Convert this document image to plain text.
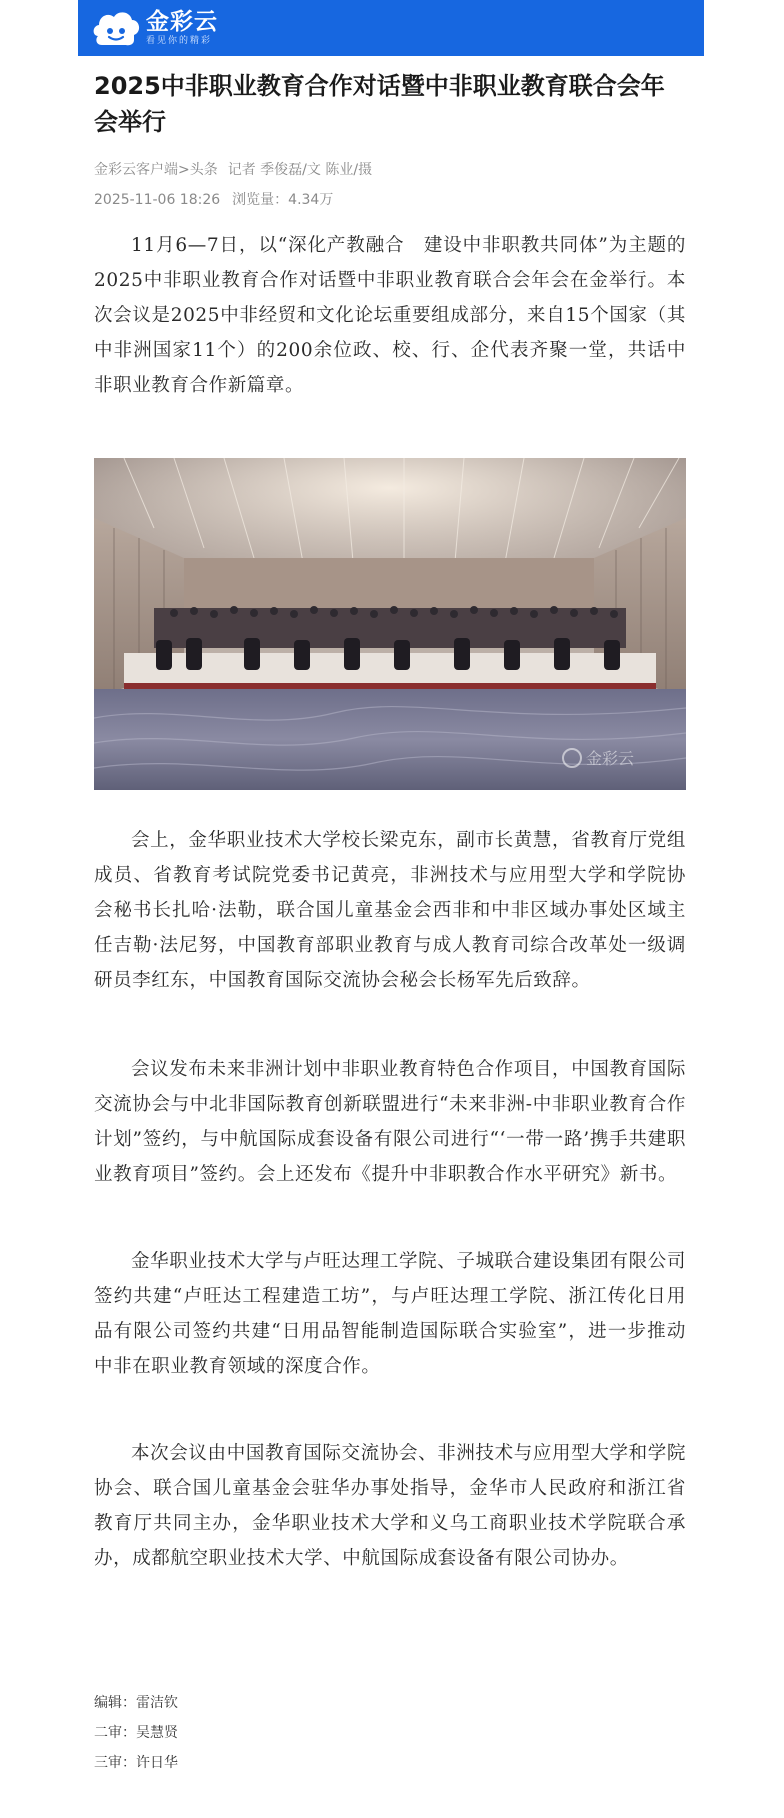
金彩云
看见你的精彩
2025中非职业教育合作对话暨中非职业教育联合会年会举行
金彩云客户端>头条 记者 季俊磊/文 陈业/摄
2025-11-06 18:26 浏览量：4.34万

11月6—7日，以“深化产教融合　建设中非职教共同体”为主题的2025中非职业教育合作对话暨中非职业教育联合会年会在金举行。本次会议是2025中非经贸和文化论坛重要组成部分，来自15个国家（其中非洲国家11个）的200余位政、校、行、企代表齐聚一堂，共话中非职业教育合作新篇章。

金彩云

会上，金华职业技术大学校长梁克东，副市长黄慧，省教育厅党组成员、省教育考试院党委书记黄亮，非洲技术与应用型大学和学院协会秘书长扎哈·法勒，联合国儿童基金会西非和中非区域办事处区域主任吉勒·法尼努，中国教育部职业教育与成人教育司综合改革处一级调研员李红东，中国教育国际交流协会秘会长杨军先后致辞。

会议发布未来非洲计划中非职业教育特色合作项目，中国教育国际交流协会与中北非国际教育创新联盟进行“未来非洲-中非职业教育合作计划”签约，与中航国际成套设备有限公司进行“‘一带一路’携手共建职业教育项目”签约。会上还发布《提升中非职教合作水平研究》新书。

金华职业技术大学与卢旺达理工学院、子城联合建设集团有限公司签约共建“卢旺达工程建造工坊”，与卢旺达理工学院、浙江传化日用品有限公司签约共建“日用品智能制造国际联合实验室”，进一步推动中非在职业教育领域的深度合作。

本次会议由中国教育国际交流协会、非洲技术与应用型大学和学院协会、联合国儿童基金会驻华办事处指导，金华市人民政府和浙江省教育厅共同主办，金华职业技术大学和义乌工商职业技术学院联合承办，成都航空职业技术大学、中航国际成套设备有限公司协办。

编辑：雷洁钦
二审：吴慧贤
三审：许日华
